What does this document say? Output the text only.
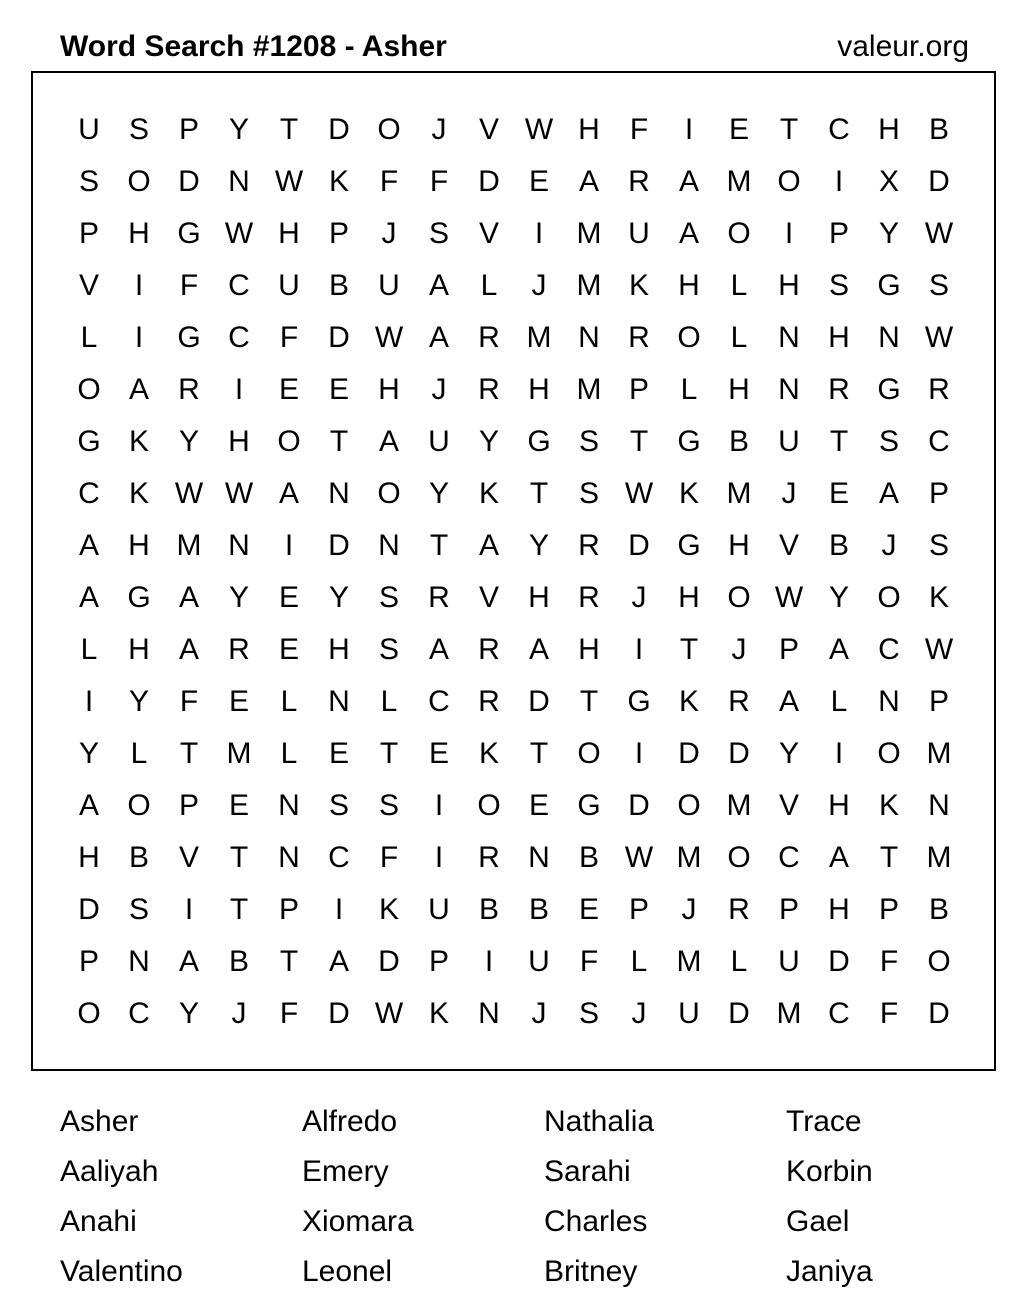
Word Search #1208 - Asher	valeur.org
U S P Y	T	D O	J	V W H	F	I	E	T	C H B
S O D N W K	F	F	D E A R A M O	I	X D
P H G W H P	J	S V	I	M U A O	I	P Y W
V	I	F	C U B U A	L	J	M K H	L	H S G S
L	I	G C	F	D W A R M N R O L	N H N W
O A R	I	E E H	J	R H M P	L	H N R G R
G K Y H O T	A U Y G S	T G B U	T	S C
C K W W A N O Y K	T	S W K M	J	E A P
A H M N	I	D N	T	A Y R D G H V B	J	S
A G A Y E Y S R V H R	J	H O W Y O K
L	H A R E H S A R A H	I	T	J	P A C W
I	Y	F	E	L	N	L	C R D	T G K R A	L	N P
Y	L	T M L	E	T	E K	T O	I	D D Y	I	O M
A O P E N S S	I	O E G D O M V H K N
H B V	T	N C	F	I	R N B W M O C A	T M
D S	I	T	P	I	K U B B E P	J	R P H P B
P N A B	T	A D P	I	U	F	L M L	U D	F O
O C Y	J	F	D W K N	J	S	J	U D M C	F	D
Asher	Alfredo	Nathalia	Trace
Aaliyah	Emery	Sarahi	Korbin
Anahi	Xiomara	Charles	Gael
Valentino	Leonel	Britney	Janiya
